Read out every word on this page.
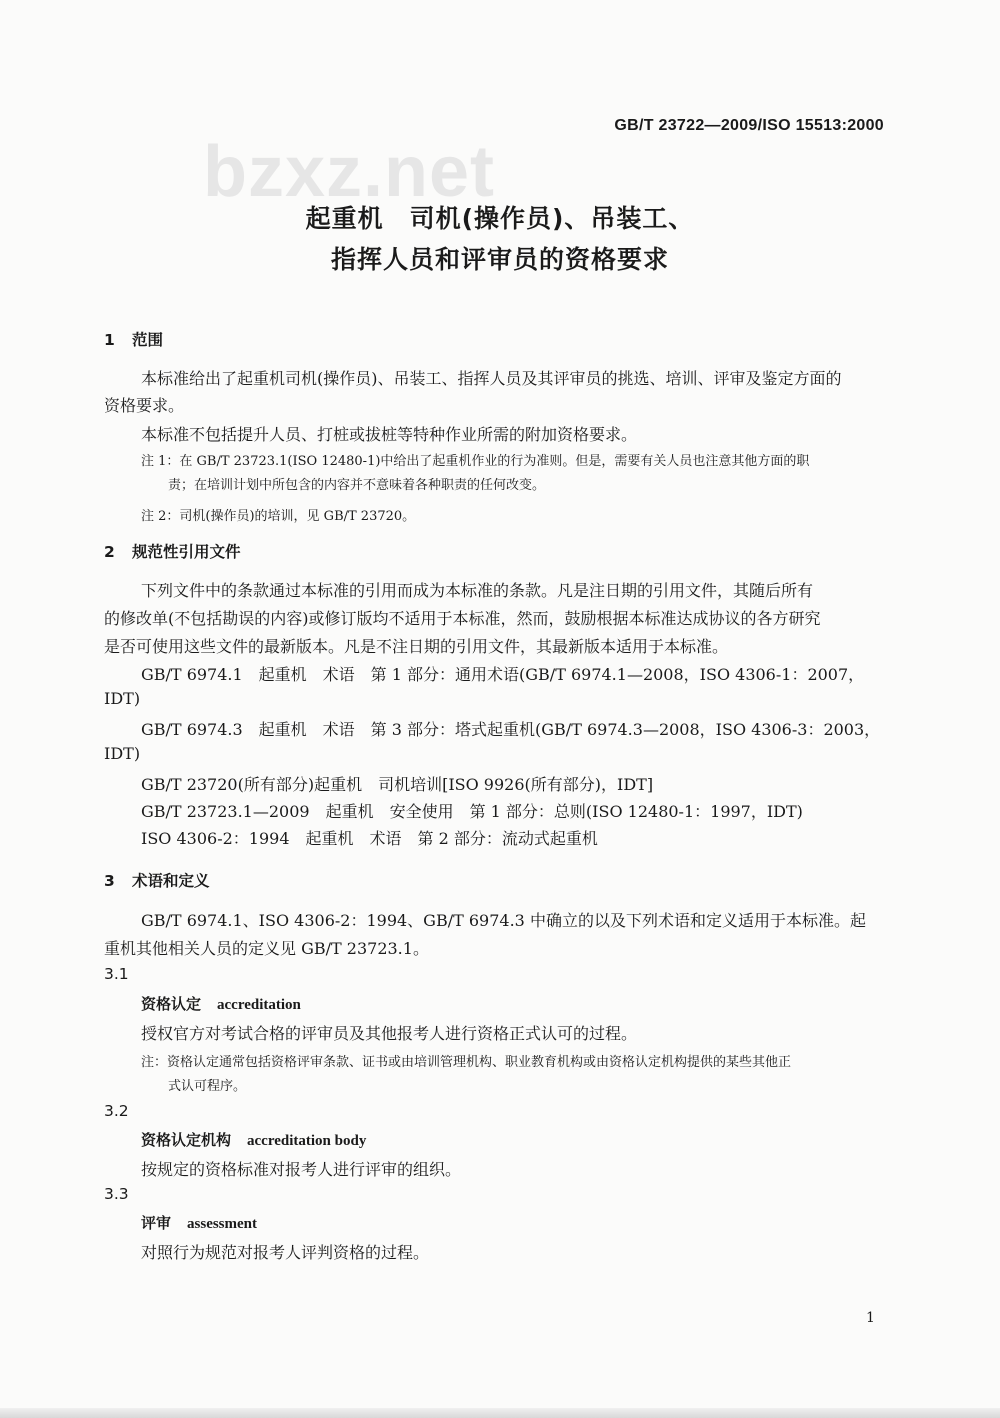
GB/T 23722—2009/ISO 15513:2000
bzxz.net
起重机　司机(操作员)、吊装工、
指挥人员和评审员的资格要求
1 范围
本标准给出了起重机司机(操作员)、吊装工、指挥人员及其评审员的挑选、培训、评审及鉴定方面的
资格要求。
本标准不包括提升人员、打桩或拔桩等特种作业所需的附加资格要求。
注 1：在 GB/T 23723.1(ISO 12480-1)中给出了起重机作业的行为准则。但是，需要有关人员也注意其他方面的职
责；在培训计划中所包含的内容并不意味着各种职责的任何改变。
注 2：司机(操作员)的培训，见 GB/T 23720。
2 规范性引用文件
下列文件中的条款通过本标准的引用而成为本标准的条款。凡是注日期的引用文件，其随后所有
的修改单(不包括勘误的内容)或修订版均不适用于本标准，然而，鼓励根据本标准达成协议的各方研究
是否可使用这些文件的最新版本。凡是不注日期的引用文件，其最新版本适用于本标准。
GB/T 6974.1　起重机　术语　第 1 部分：通用术语(GB/T 6974.1—2008，ISO 4306-1：2007，
IDT)
GB/T 6974.3　起重机　术语　第 3 部分：塔式起重机(GB/T 6974.3—2008，ISO 4306-3：2003，
IDT)
GB/T 23720(所有部分)起重机　司机培训[ISO 9926(所有部分)，IDT]
GB/T 23723.1—2009　起重机　安全使用　第 1 部分：总则(ISO 12480-1：1997，IDT)
ISO 4306-2：1994　起重机　术语　第 2 部分：流动式起重机
3 术语和定义
GB/T 6974.1、ISO 4306-2：1994、GB/T 6974.3 中确立的以及下列术语和定义适用于本标准。起
重机其他相关人员的定义见 GB/T 23723.1。
3.1
资格认定 accreditation
授权官方对考试合格的评审员及其他报考人进行资格正式认可的过程。
注：资格认定通常包括资格评审条款、证书或由培训管理机构、职业教育机构或由资格认定机构提供的某些其他正
式认可程序。
3.2
资格认定机构 accreditation body
按规定的资格标准对报考人进行评审的组织。
3.3
评审 assessment
对照行为规范对报考人评判资格的过程。
1
